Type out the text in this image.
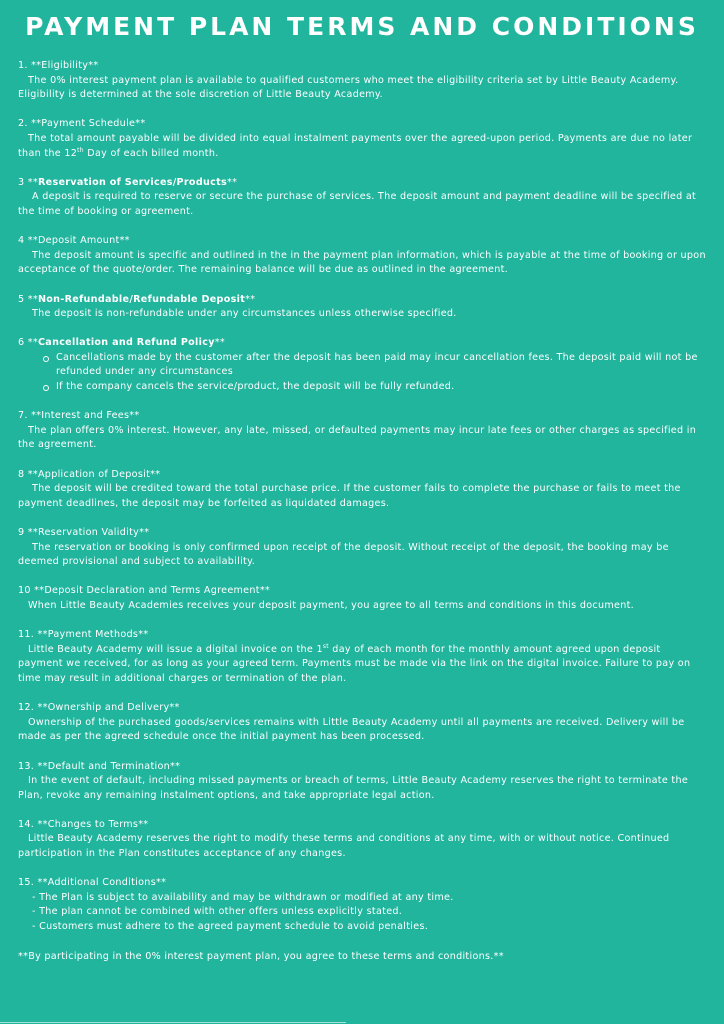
PAYMENT PLAN TERMS AND CONDITIONS
1. **Eligibility**
The 0% interest payment plan is available to qualified customers who meet the eligibility criteria set by Little Beauty Academy. Eligibility is determined at the sole discretion of Little Beauty Academy.
2. **Payment Schedule**
The total amount payable will be divided into equal instalment payments over the agreed-upon period. Payments are due no later than the 12th Day of each billed month.
3 **Reservation of Services/Products**
A deposit is required to reserve or secure the purchase of services. The deposit amount and payment deadline will be specified at the time of booking or agreement.
4 **Deposit Amount**
The deposit amount is specific and outlined in the in the payment plan information, which is payable at the time of booking or upon acceptance of the quote/order. The remaining balance will be due as outlined in the agreement.
5 **Non-Refundable/Refundable Deposit**
The deposit is non-refundable under any circumstances unless otherwise specified.
6 **Cancellation and Refund Policy**
Cancellations made by the customer after the deposit has been paid may incur cancellation fees. The deposit paid will not be refunded under any circumstances
If the company cancels the service/product, the deposit will be fully refunded.
7. **Interest and Fees**
The plan offers 0% interest. However, any late, missed, or defaulted payments may incur late fees or other charges as specified in the agreement.
8 **Application of Deposit**
The deposit will be credited toward the total purchase price. If the customer fails to complete the purchase or fails to meet the payment deadlines, the deposit may be forfeited as liquidated damages.
9 **Reservation Validity**
The reservation or booking is only confirmed upon receipt of the deposit. Without receipt of the deposit, the booking may be deemed provisional and subject to availability.
10 **Deposit Declaration and Terms Agreement**
When Little Beauty Academies receives your deposit payment, you agree to all terms and conditions in this document.
11. **Payment Methods**
Little Beauty Academy will issue a digital invoice on the 1st day of each month for the monthly amount agreed upon deposit payment we received, for as long as your agreed term. Payments must be made via the link on the digital invoice. Failure to pay on time may result in additional charges or termination of the plan.
12. **Ownership and Delivery**
Ownership of the purchased goods/services remains with Little Beauty Academy until all payments are received. Delivery will be made as per the agreed schedule once the initial payment has been processed.
13. **Default and Termination**
In the event of default, including missed payments or breach of terms, Little Beauty Academy reserves the right to terminate the Plan, revoke any remaining instalment options, and take appropriate legal action.
14. **Changes to Terms**
Little Beauty Academy reserves the right to modify these terms and conditions at any time, with or without notice. Continued participation in the Plan constitutes acceptance of any changes.
15. **Additional Conditions**
- The Plan is subject to availability and may be withdrawn or modified at any time.
- The plan cannot be combined with other offers unless explicitly stated.
- Customers must adhere to the agreed payment schedule to avoid penalties.
**By participating in the 0% interest payment plan, you agree to these terms and conditions.**
